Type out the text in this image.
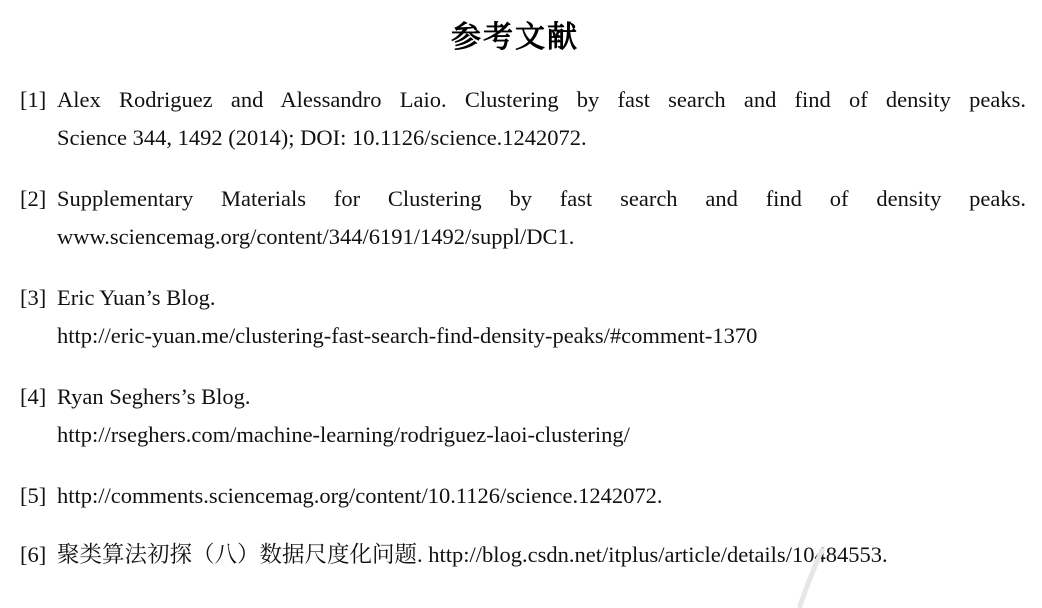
参考文献
[1] Alex Rodriguez and Alessandro Laio. Clustering by fast search and find of density peaks.
Science 344, 1492 (2014); DOI: 10.1126/science.1242072.
[2] Supplementary Materials for Clustering by fast search and find of density peaks.
www.sciencemag.org/content/344/6191/1492/suppl/DC1.
[3] Eric Yuan’s Blog.
http://eric-yuan.me/clustering-fast-search-find-density-peaks/#comment-1370
[4] Ryan Seghers’s Blog.
http://rseghers.com/machine-learning/rodriguez-laoi-clustering/
[5] http://comments.sciencemag.org/content/10.1126/science.1242072.
[6] 聚类算法初探（八）数据尺度化问题. http://blog.csdn.net/itplus/article/details/10484553.
